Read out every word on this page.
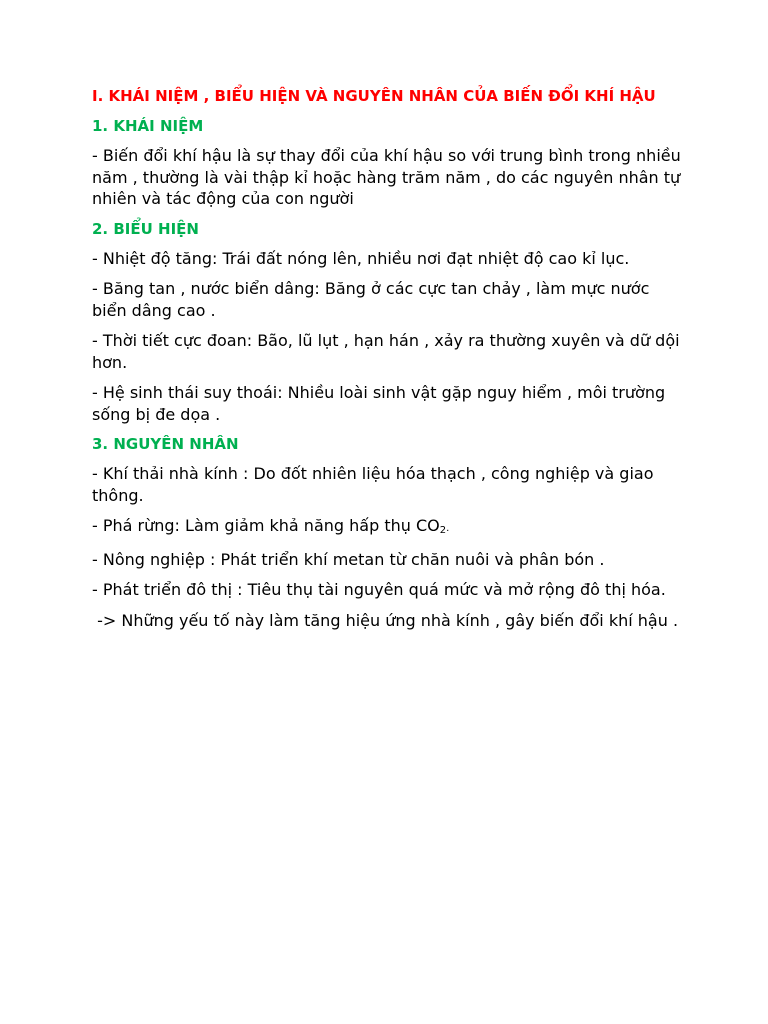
I. KHÁI NIỆM , BIỂU HIỆN VÀ NGUYÊN NHÂN CỦA BIẾN ĐỔI KHÍ HẬU
1. KHÁI NIỆM

- Biến đổi khí hậu là sự thay đổi của khí hậu so với trung bình trong nhiều năm , thường là vài thập kỉ hoặc hàng trăm năm , do các nguyên nhân tự nhiên và tác động của con người

2. BIỂU HIỆN

- Nhiệt độ tăng: Trái đất nóng lên, nhiều nơi đạt nhiệt độ cao kỉ lục.

- Băng tan , nước biển dâng: Băng ở các cực tan chảy , làm mực nước biển dâng cao .

- Thời tiết cực đoan: Bão, lũ lụt , hạn hán , xảy ra thường xuyên và dữ dội hơn.

- Hệ sinh thái suy thoái: Nhiều loài sinh vật gặp nguy hiểm , môi trường sống bị đe dọa .

3. NGUYÊN NHÂN

- Khí thải nhà kính : Do đốt nhiên liệu hóa thạch , công nghiệp và giao thông.

- Phá rừng: Làm giảm khả năng hấp thụ $CO_2$.

- Nông nghiệp : Phát triển khí metan từ chăn nuôi và phân bón .

- Phát triển đô thị : Tiêu thụ tài nguyên quá mức và mở rộng đô thị hóa.

-> Những yếu tố này làm tăng hiệu ứng nhà kính , gây biến đổi khí hậu .
